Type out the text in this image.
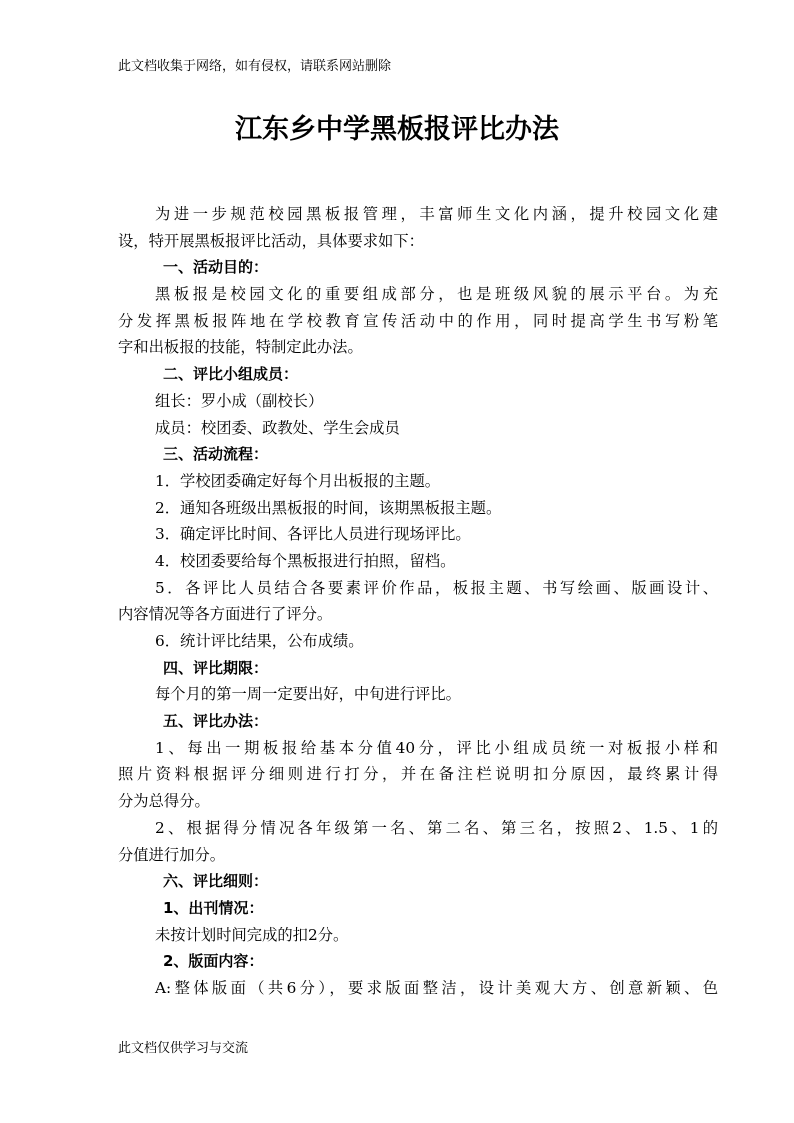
此文档收集于网络，如有侵权，请联系网站删除
江东乡中学黑板报评比办法
为进一步规范校园黑板报管理，丰富师生文化内涵，提升校园文化建
设，特开展黑板报评比活动，具体要求如下：
一、活动目的：
黑板报是校园文化的重要组成部分，也是班级风貌的展示平台。为充
分发挥黑板报阵地在学校教育宣传活动中的作用，同时提高学生书写粉笔
字和出板报的技能，特制定此办法。
二、评比小组成员：
组长：罗小成（副校长）
成员：校团委、政教处、学生会成员
三、活动流程：
1．学校团委确定好每个月出板报的主题。
2．通知各班级出黑板报的时间，该期黑板报主题。
3．确定评比时间、各评比人员进行现场评比。
4．校团委要给每个黑板报进行拍照，留档。
5．各评比人员结合各要素评价作品，板报主题、书写绘画、版画设计、
内容情况等各方面进行了评分。
6．统计评比结果，公布成绩。
四、评比期限：
每个月的第一周一定要出好，中旬进行评比。
五、评比办法：
1、每出一期板报给基本分值40分，评比小组成员统一对板报小样和
照片资料根据评分细则进行打分，并在备注栏说明扣分原因，最终累计得
分为总得分。
2、根据得分情况各年级第一名、第二名、第三名，按照2、1.5、1的
分值进行加分。
六、评比细则：
1、出刊情况：
未按计划时间完成的扣2分。
2、版面内容：
A:整体版面（共6分），要求版面整洁，设计美观大方、创意新颖、色
此文档仅供学习与交流
